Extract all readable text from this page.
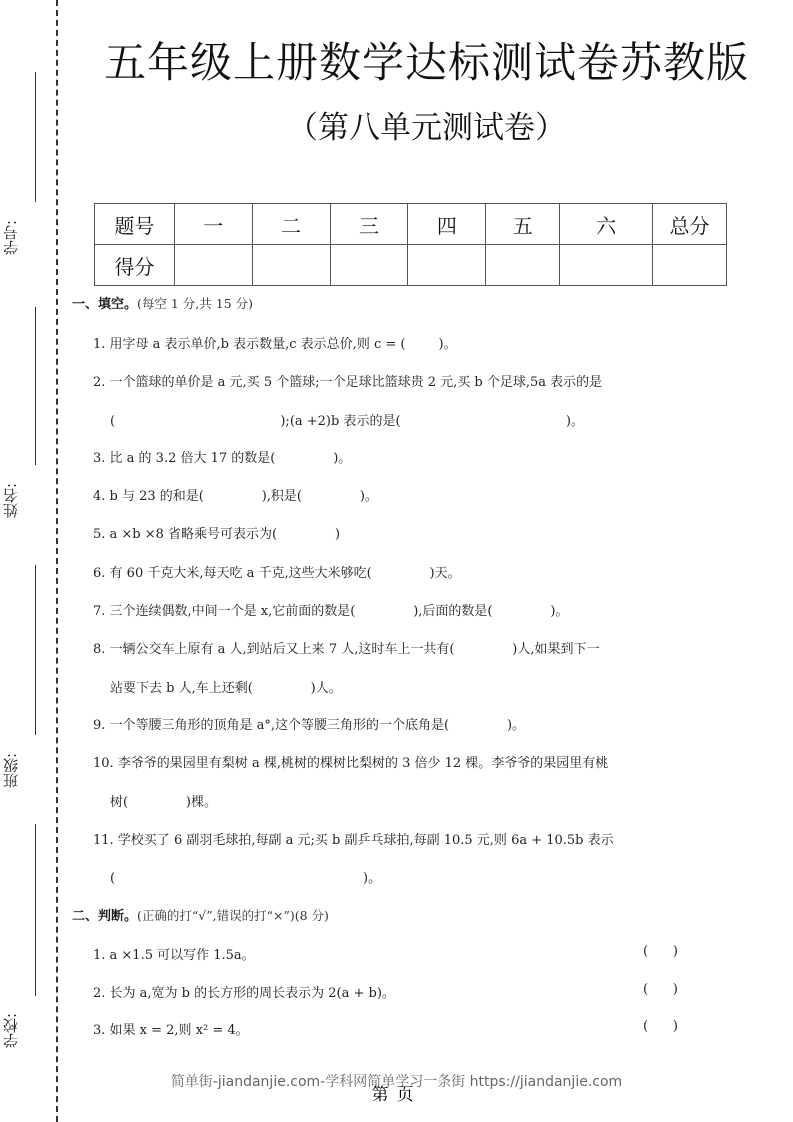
学号:
姓名:
班级:
学校:
五年级上册数学达标测试卷苏教版
（第八单元测试卷）
题号	一	二	三	四	五	六	总分
得分							
一、填空。(每空 1 分,共 15 分)
1. 用字母 a 表示单价,b 表示数量,c 表示总价,则 c = (        )。
2. 一个篮球的单价是 a 元,买 5 个篮球;一个足球比篮球贵 2 元,买 b 个足球,5a 表示的是
(                                        );(a +2)b 表示的是(                                        )。
3. 比 a 的 3.2 倍大 17 的数是(              )。
4. b 与 23 的和是(              ),积是(              )。
5. a ×b ×8 省略乘号可表示为(              )
6. 有 60 千克大米,每天吃 a 千克,这些大米够吃(              )天。
7. 三个连续偶数,中间一个是 x,它前面的数是(              ),后面的数是(              )。
8. 一辆公交车上原有 a 人,到站后又上来 7 人,这时车上一共有(              )人,如果到下一
站要下去 b 人,车上还剩(              )人。
9. 一个等腰三角形的顶角是 a°,这个等腰三角形的一个底角是(              )。
10. 李爷爷的果园里有梨树 a 棵,桃树的棵树比梨树的 3 倍少 12 棵。李爷爷的果园里有桃
树(              )棵。
11. 学校买了 6 副羽毛球拍,每副 a 元;买 b 副乒乓球拍,每副 10.5 元,则 6a + 10.5b 表示
(                                                            )。
二、判断。(正确的打“√”,错误的打“×”)(8 分)
1. a ×1.5 可以写作 1.5a。	(      )
2. 长为 a,宽为 b 的长方形的周长表示为 2(a + b)。	(      )
3. 如果 x = 2,则 x² = 4。	(      )
简单街-jiandanjie.com-学科网简单学习一条街 https://jiandanjie.com
第页
